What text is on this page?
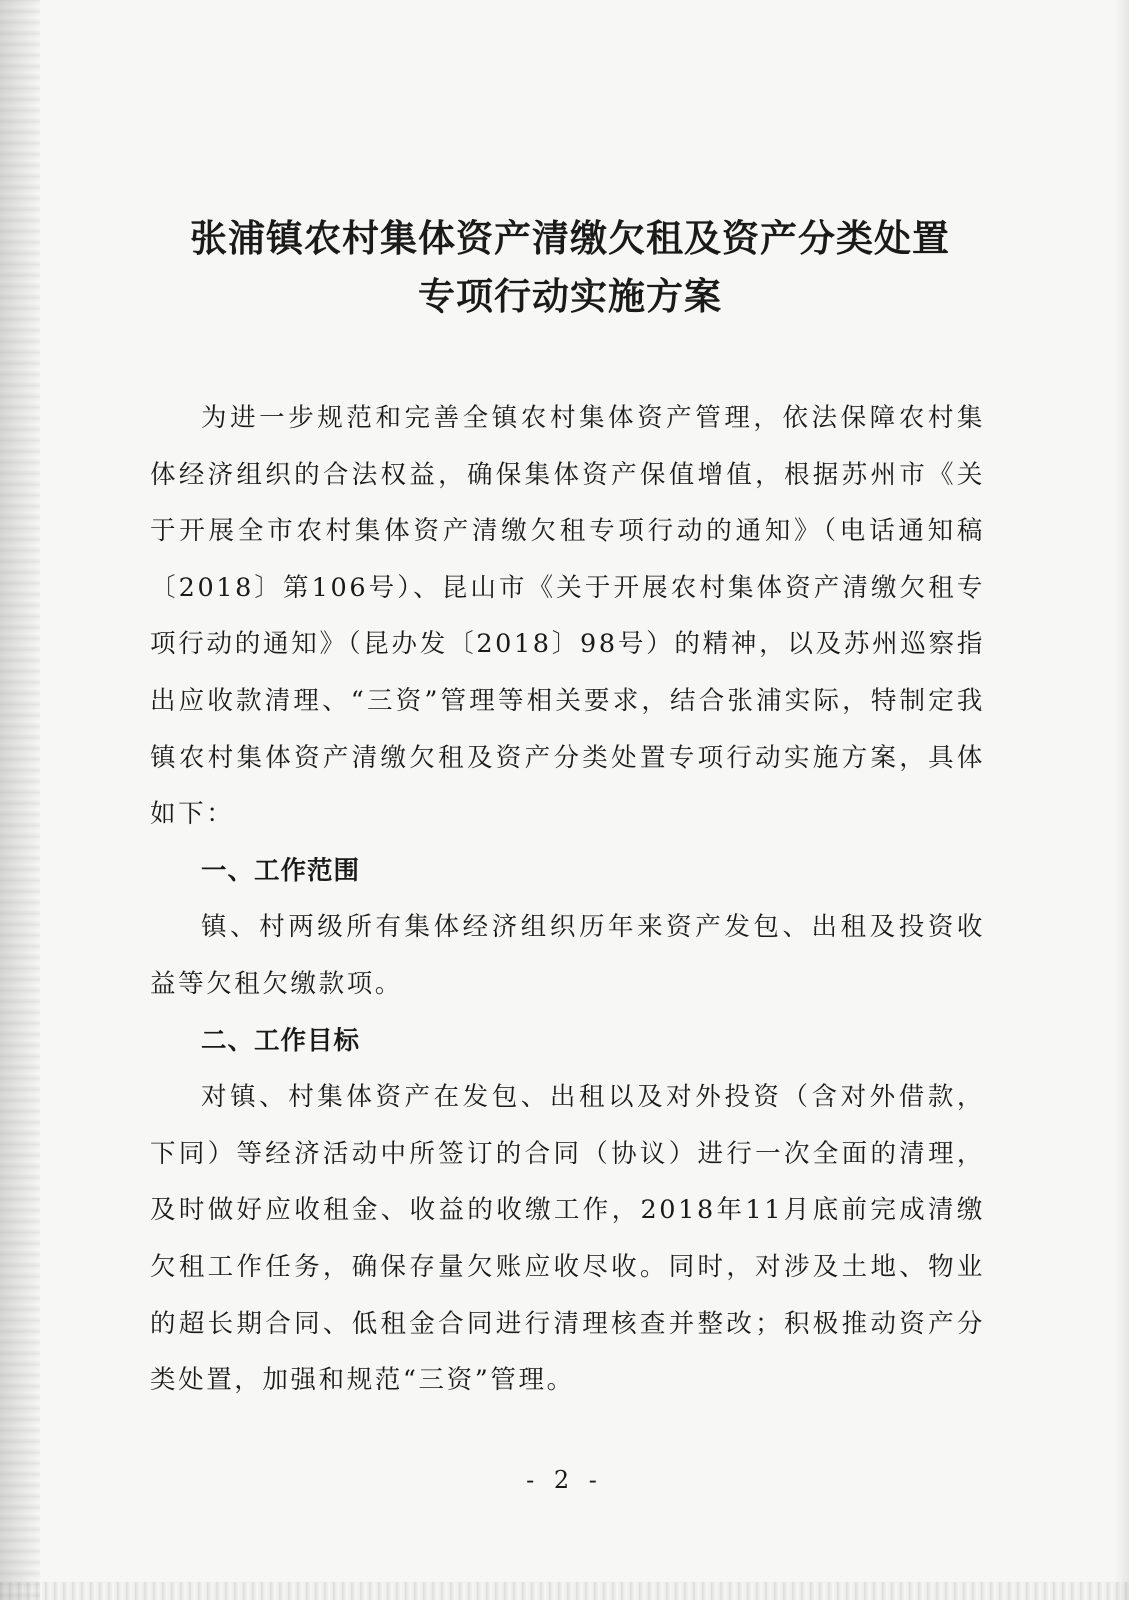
张浦镇农村集体资产清缴欠租及资产分类处置
专项行动实施方案

为进一步规范和完善全镇农村集体资产管理，依法保障农村集体经济组织的合法权益，确保集体资产保值增值，根据苏州市《关于开展全市农村集体资产清缴欠租专项行动的通知》（电话通知稿〔2018〕第106号）、昆山市《关于开展农村集体资产清缴欠租专项行动的通知》（昆办发〔2018〕98号）的精神，以及苏州巡察指出应收款清理、“三资”管理等相关要求，结合张浦实际，特制定我镇农村集体资产清缴欠租及资产分类处置专项行动实施方案，具体如下：

一、工作范围

镇、村两级所有集体经济组织历年来资产发包、出租及投资收益等欠租欠缴款项。

二、工作目标

对镇、村集体资产在发包、出租以及对外投资（含对外借款，下同）等经济活动中所签订的合同（协议）进行一次全面的清理，及时做好应收租金、收益的收缴工作，2018年11月底前完成清缴欠租工作任务，确保存量欠账应收尽收。同时，对涉及土地、物业的超长期合同、低租金合同进行清理核查并整改；积极推动资产分类处置，加强和规范“三资”管理。

- 2 -
